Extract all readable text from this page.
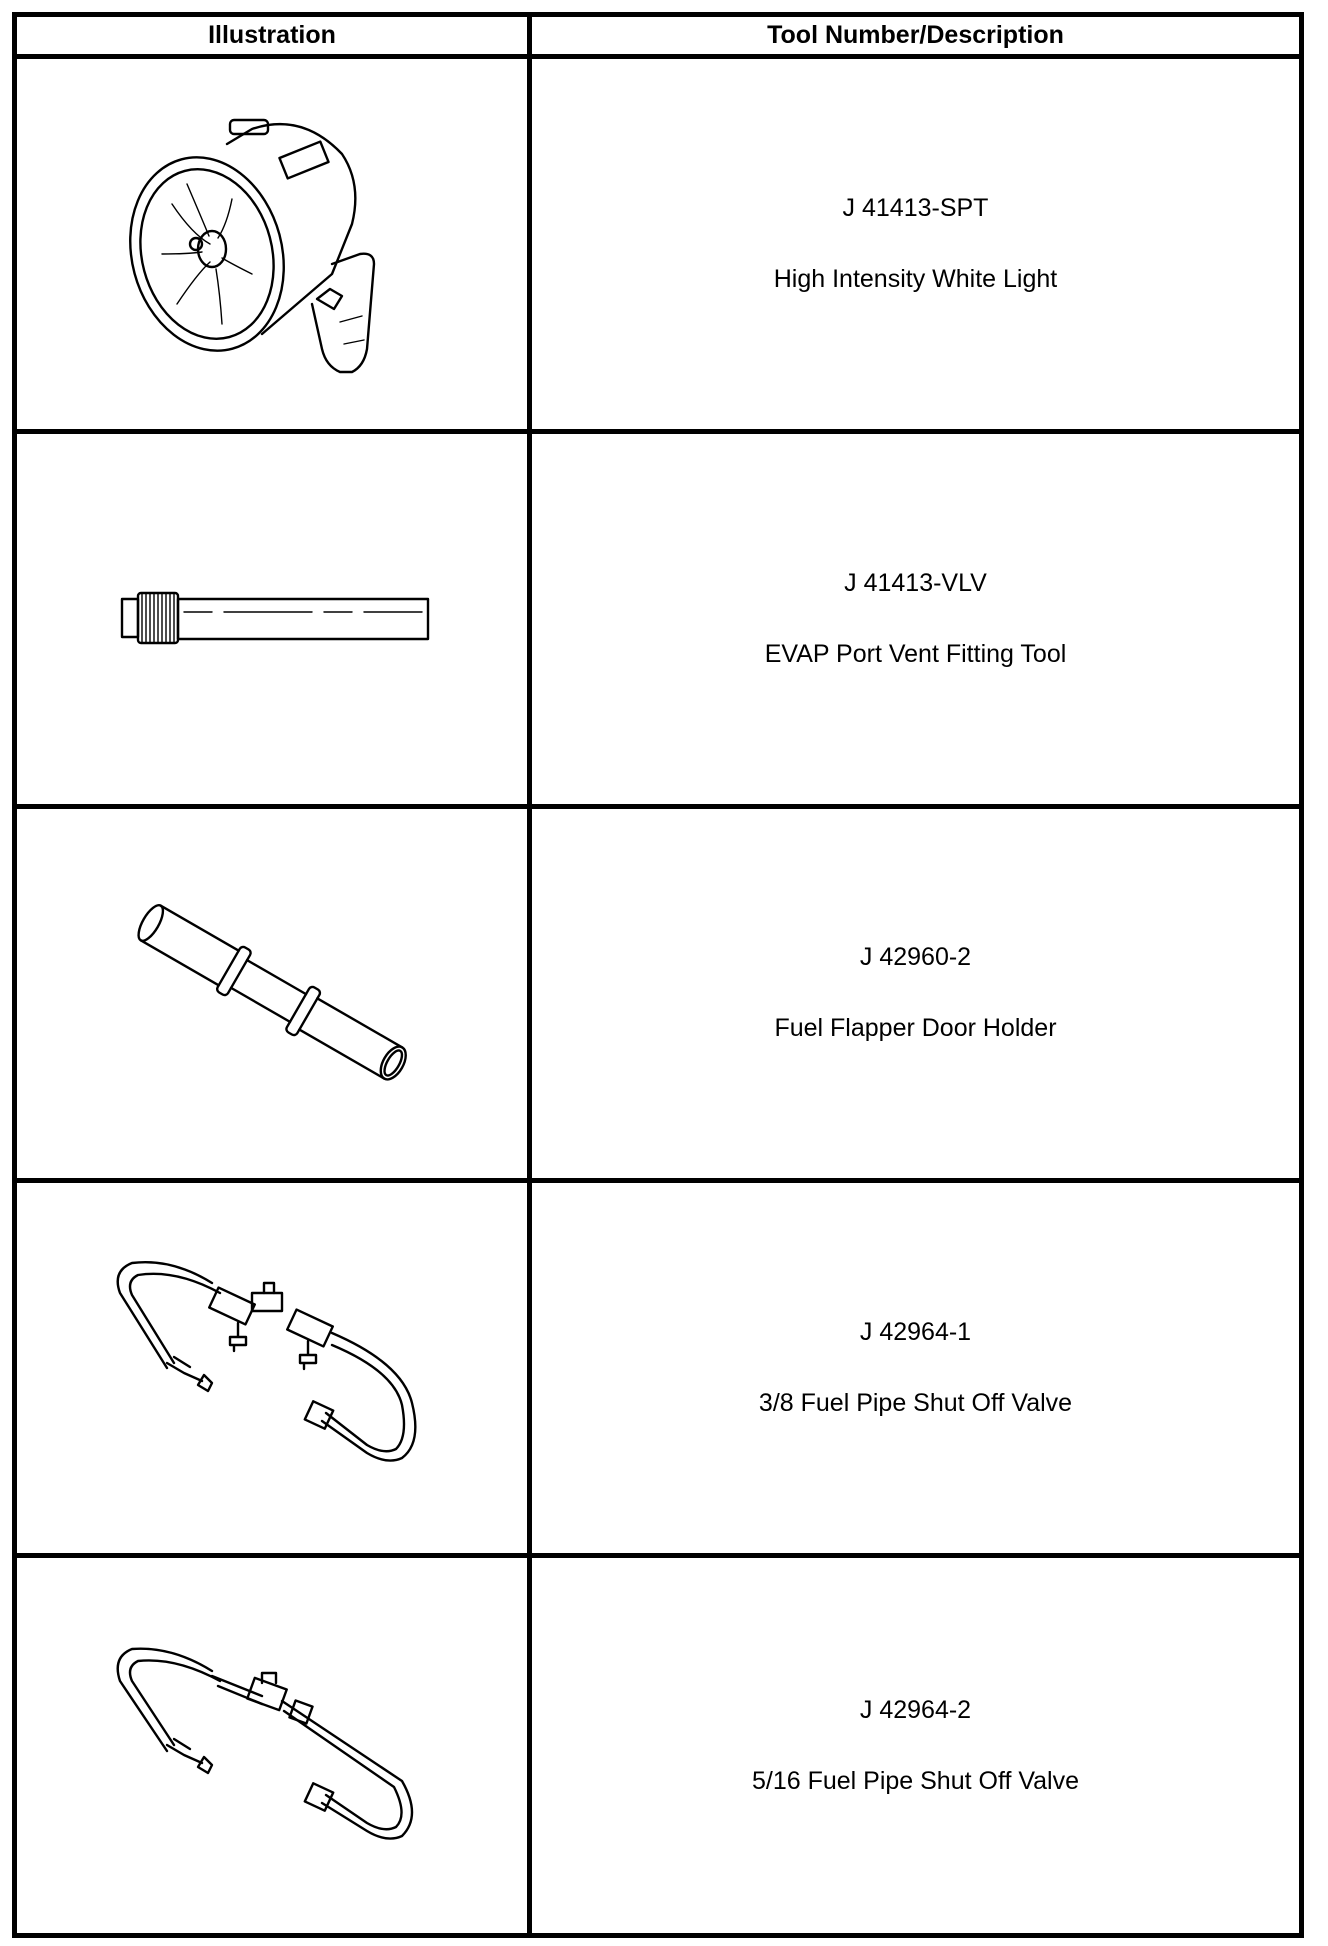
Illustration	Tool Number/Description
J 41413-SPT
High Intensity White Light
J 41413-VLV
EVAP Port Vent Fitting Tool
J 42960-2
Fuel Flapper Door Holder
J 42964-1
3/8 Fuel Pipe Shut Off Valve
J 42964-2
5/16 Fuel Pipe Shut Off Valve
